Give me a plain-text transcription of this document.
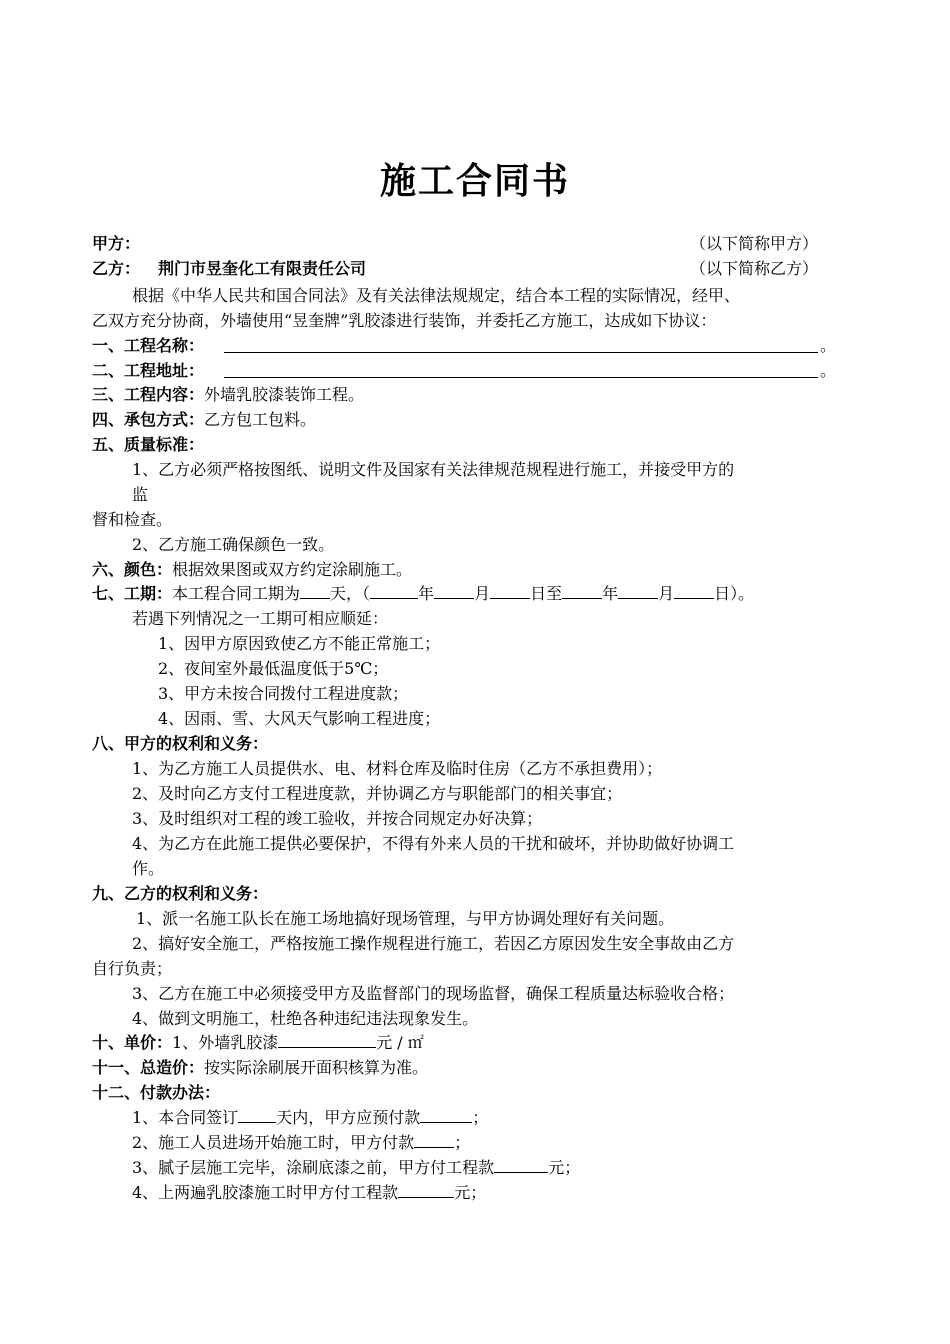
施工合同书
甲方：	（以下简称甲方）
乙方： 荆门市昱奎化工有限责任公司	（以下简称乙方）
根据《中华人民共和国合同法》及有关法律法规规定，结合本工程的实际情况，经甲、
乙双方充分协商，外墙使用“昱奎牌”乳胶漆进行装饰，并委托乙方施工，达成如下协议：
一、工程名称：	。
二、工程地址：	。
三、工程内容：外墙乳胶漆装饰工程。
四、承包方式：乙方包工包料。
五、质量标准：
1、乙方必须严格按图纸、说明文件及国家有关法律规范规程进行施工，并接受甲方的
监
督和检查。
2、乙方施工确保颜色一致。
六、颜色：根据效果图或双方约定涂刷施工。
七、工期：本工程合同工期为 天，（	年	月	日至	年	月	日）。
若遇下列情况之一工期可相应顺延：
1、因甲方原因致使乙方不能正常施工；
2、夜间室外最低温度低于5℃；
3、甲方未按合同拨付工程进度款；
4、因雨、雪、大风天气影响工程进度；
八、甲方的权利和义务：
1、为乙方施工人员提供水、电、材料仓库及临时住房（乙方不承担费用）；
2、及时向乙方支付工程进度款，并协调乙方与职能部门的相关事宜；
3、及时组织对工程的竣工验收，并按合同规定办好决算；
4、为乙方在此施工提供必要保护，不得有外来人员的干扰和破坏，并协助做好协调工
作。
九、乙方的权利和义务：
1、派一名施工队长在施工场地搞好现场管理，与甲方协调处理好有关问题。
2、搞好安全施工，严格按施工操作规程进行施工，若因乙方原因发生安全事故由乙方
自行负责；
3、乙方在施工中必须接受甲方及监督部门的现场监督，确保工程质量达标验收合格；
4、做到文明施工，杜绝各种违纪违法现象发生。
十、单价：1、外墙乳胶漆	元 / ㎡
十一、总造价：按实际涂刷展开面积核算为准。
十二、付款办法：
1、本合同签订 天内，甲方应预付款	；
2、施工人员进场开始施工时，甲方付款	；
3、腻子层施工完毕，涂刷底漆之前，甲方付工程款	元；
4、上两遍乳胶漆施工时甲方付工程款	元；
